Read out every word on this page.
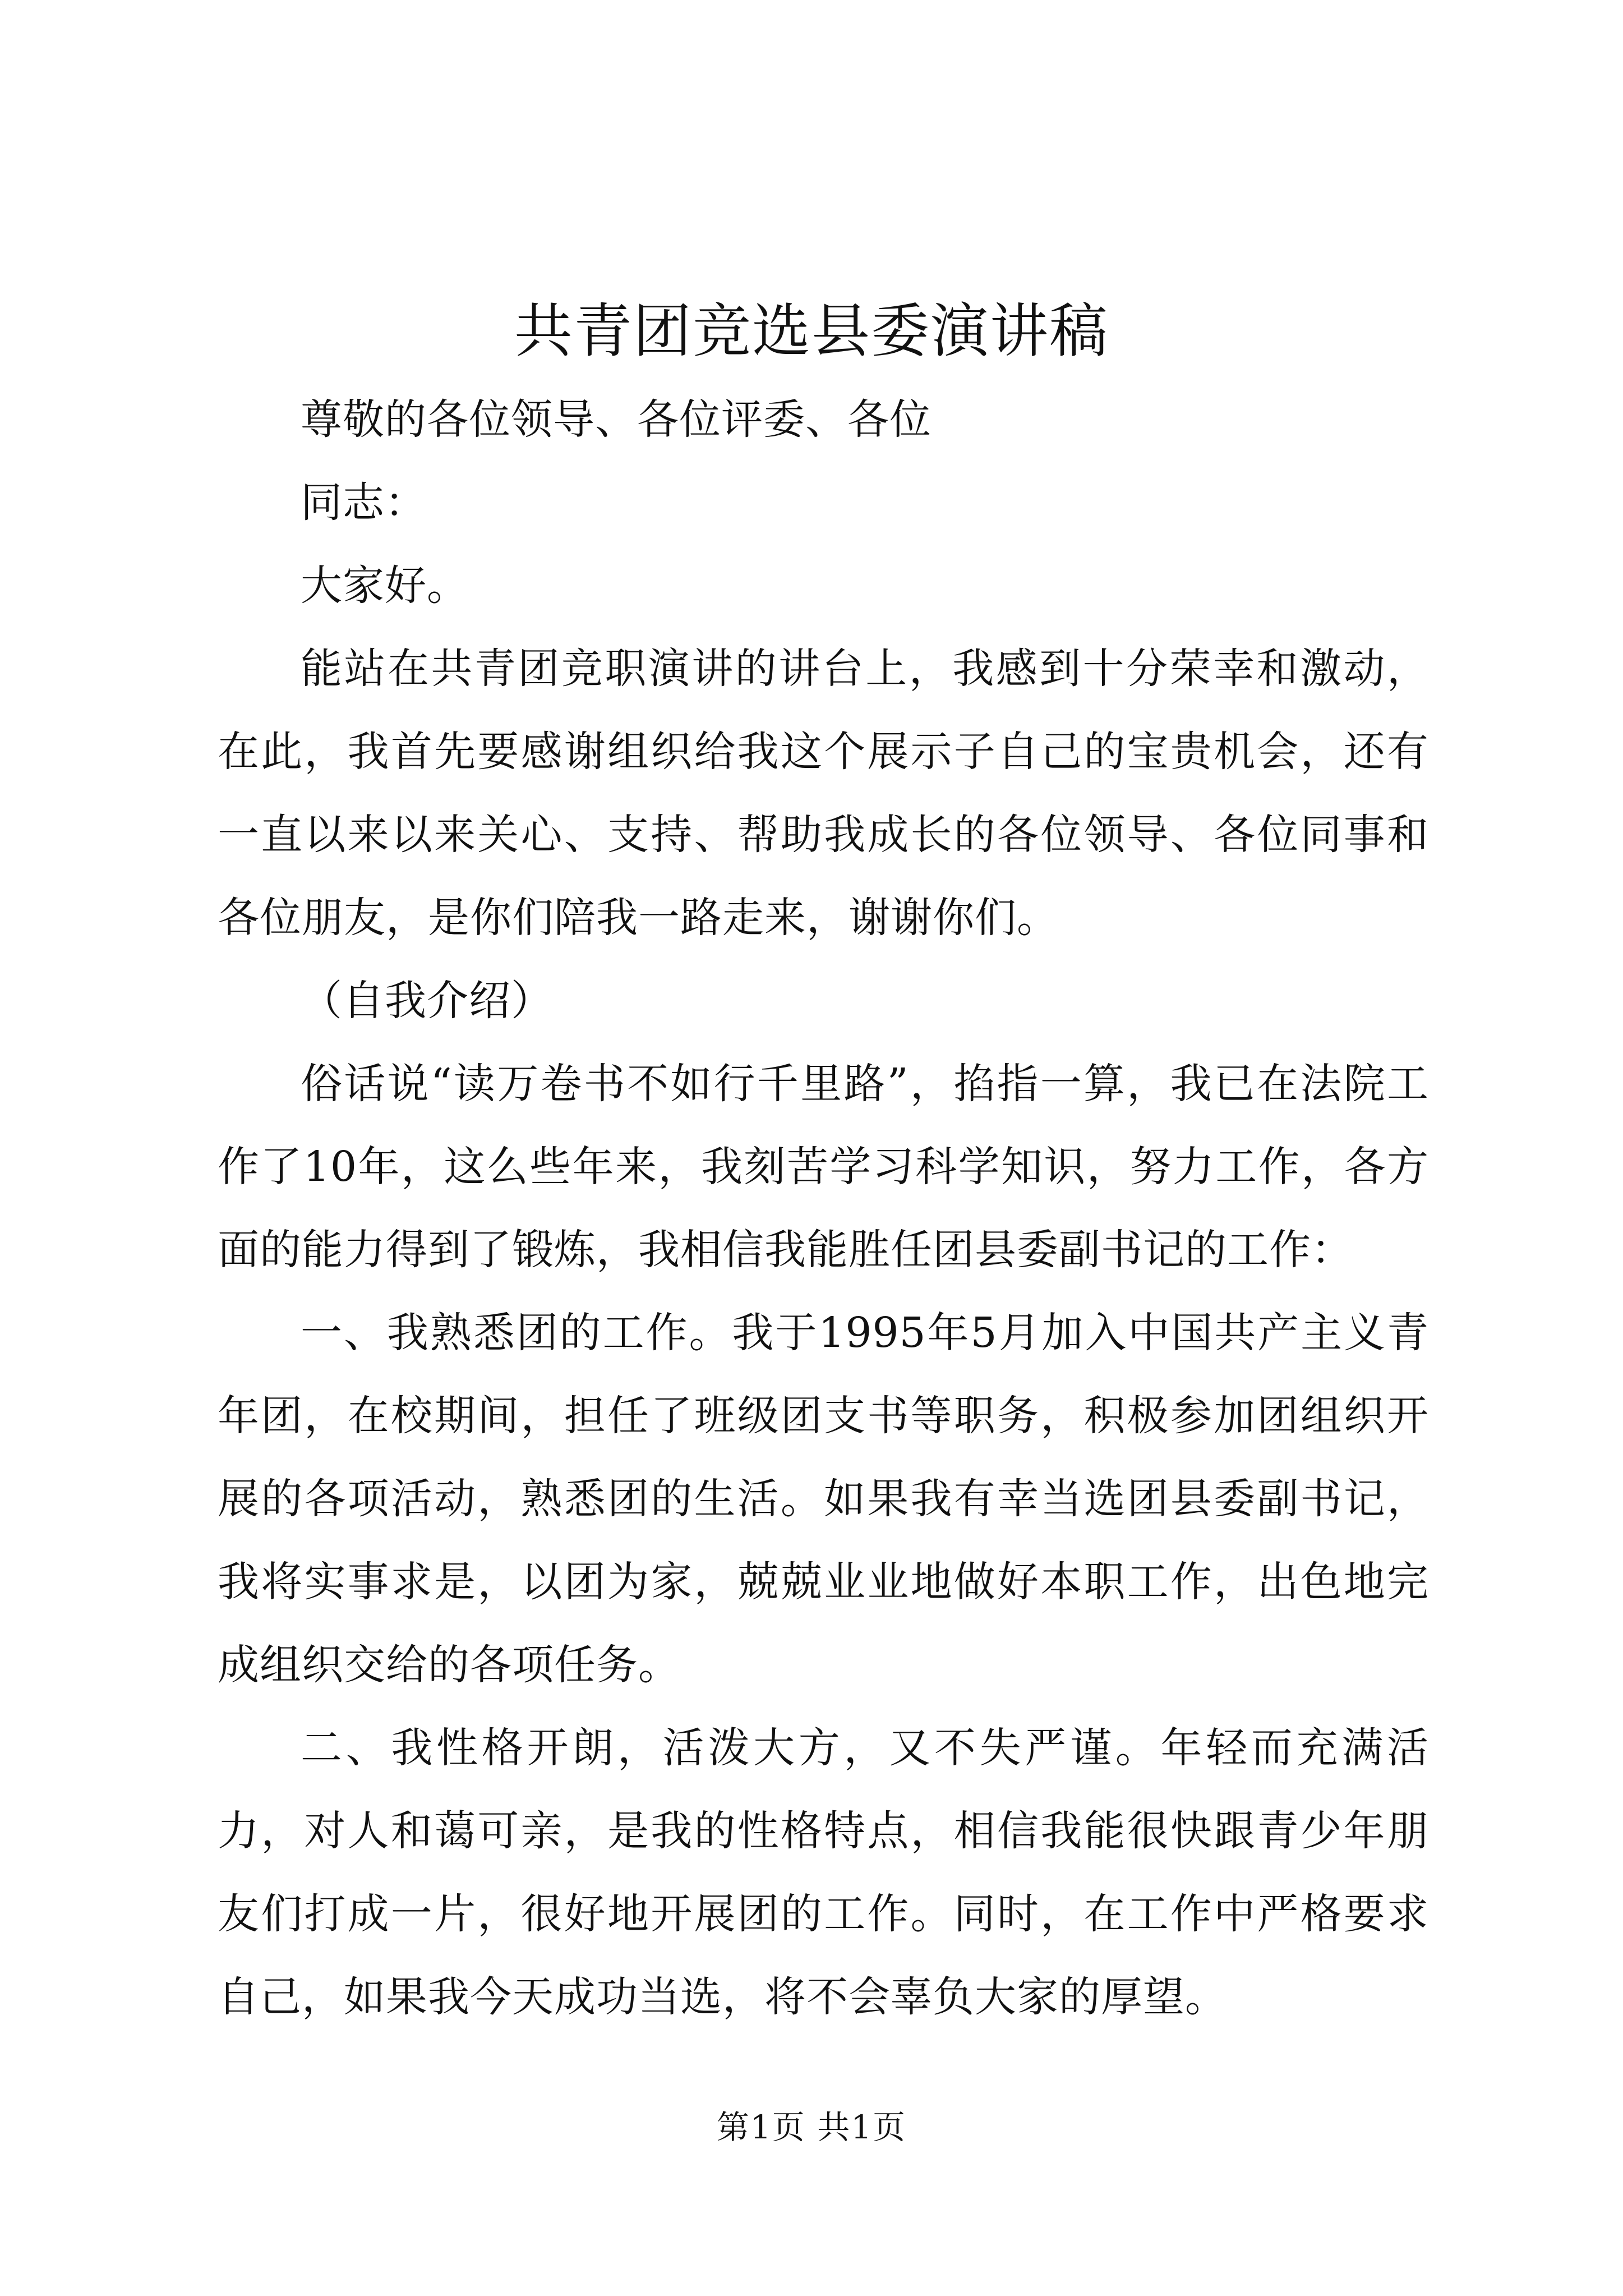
共青团竞选县委演讲稿

尊敬的各位领导、各位评委、各位

同志：

大家好。

能站在共青团竞职演讲的讲台上，我感到十分荣幸和激动，在此，我首先要感谢组织给我这个展示子自己的宝贵机会，还有一直以来以来关心、支持、帮助我成长的各位领导、各位同事和各位朋友，是你们陪我一路走来，谢谢你们。

（自我介绍）

俗话说“读万卷书不如行千里路”，掐指一算，我已在法院工作了10年，这么些年来，我刻苦学习科学知识，努力工作，各方面的能力得到了锻炼，我相信我能胜任团县委副书记的工作：

一、我熟悉团的工作。我于1995年5月加入中国共产主义青年团，在校期间，担任了班级团支书等职务，积极参加团组织开展的各项活动，熟悉团的生活。如果我有幸当选团县委副书记，我将实事求是，以团为家，兢兢业业地做好本职工作，出色地完成组织交给的各项任务。

二、我性格开朗，活泼大方，又不失严谨。年轻而充满活力，对人和蔼可亲，是我的性格特点，相信我能很快跟青少年朋友们打成一片，很好地开展团的工作。同时，在工作中严格要求自己，如果我今天成功当选，将不会辜负大家的厚望。

第1页 共1页
